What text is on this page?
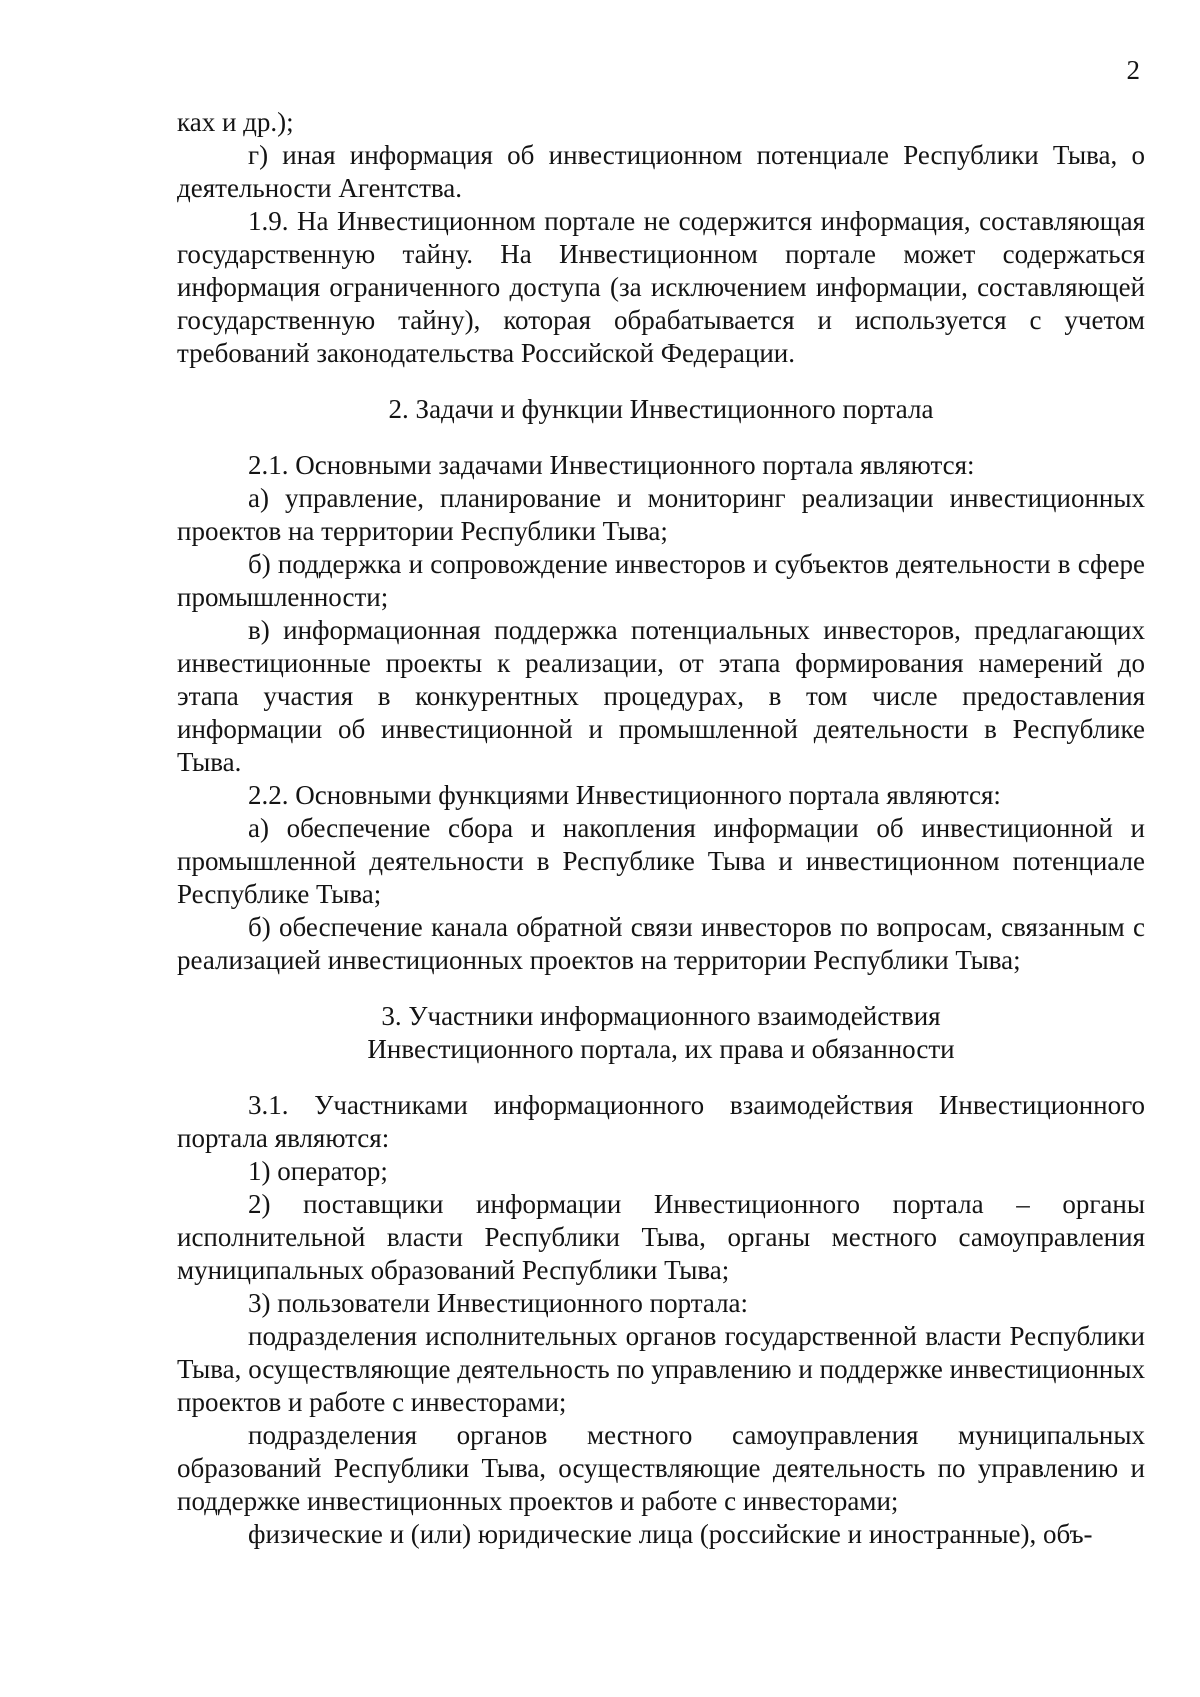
2

ках и др.);

г) иная информация об инвестиционном потенциале Республики Тыва, о деятельности Агентства.

1.9. На Инвестиционном портале не содержится информация, составляющая государственную тайну. На Инвестиционном портале может содержаться информация ограниченного доступа (за исключением информации, составляющей государственную тайну), которая обрабатывается и используется с учетом требований законодательства Российской Федерации.

2. Задачи и функции Инвестиционного портала

2.1. Основными задачами Инвестиционного портала являются:

а) управление, планирование и мониторинг реализации инвестиционных проектов на территории Республики Тыва;

б) поддержка и сопровождение инвесторов и субъектов деятельности в сфере промышленности;

в) информационная поддержка потенциальных инвесторов, предлагающих инвестиционные проекты к реализации, от этапа формирования намерений до этапа участия в конкурентных процедурах, в том числе предоставления информации об инвестиционной и промышленной деятельности в Республике Тыва.

2.2. Основными функциями Инвестиционного портала являются:

а) обеспечение сбора и накопления информации об инвестиционной и промышленной деятельности в Республике Тыва и инвестиционном потенциале Республике Тыва;

б) обеспечение канала обратной связи инвесторов по вопросам, связанным с реализацией инвестиционных проектов на территории Республики Тыва;

3. Участники информационного взаимодействия
Инвестиционного портала, их права и обязанности

3.1. Участниками информационного взаимодействия Инвестиционного портала являются:

1) оператор;

2) поставщики информации Инвестиционного портала – органы исполнительной власти Республики Тыва, органы местного самоуправления муниципальных образований Республики Тыва;

3) пользователи Инвестиционного портала:

подразделения исполнительных органов государственной власти Республики Тыва, осуществляющие деятельность по управлению и поддержке инвестиционных проектов и работе с инвесторами;

подразделения органов местного самоуправления муниципальных образований Республики Тыва, осуществляющие деятельность по управлению и поддержке инвестиционных проектов и работе с инвесторами;

физические и (или) юридические лица (российские и иностранные), объ-
